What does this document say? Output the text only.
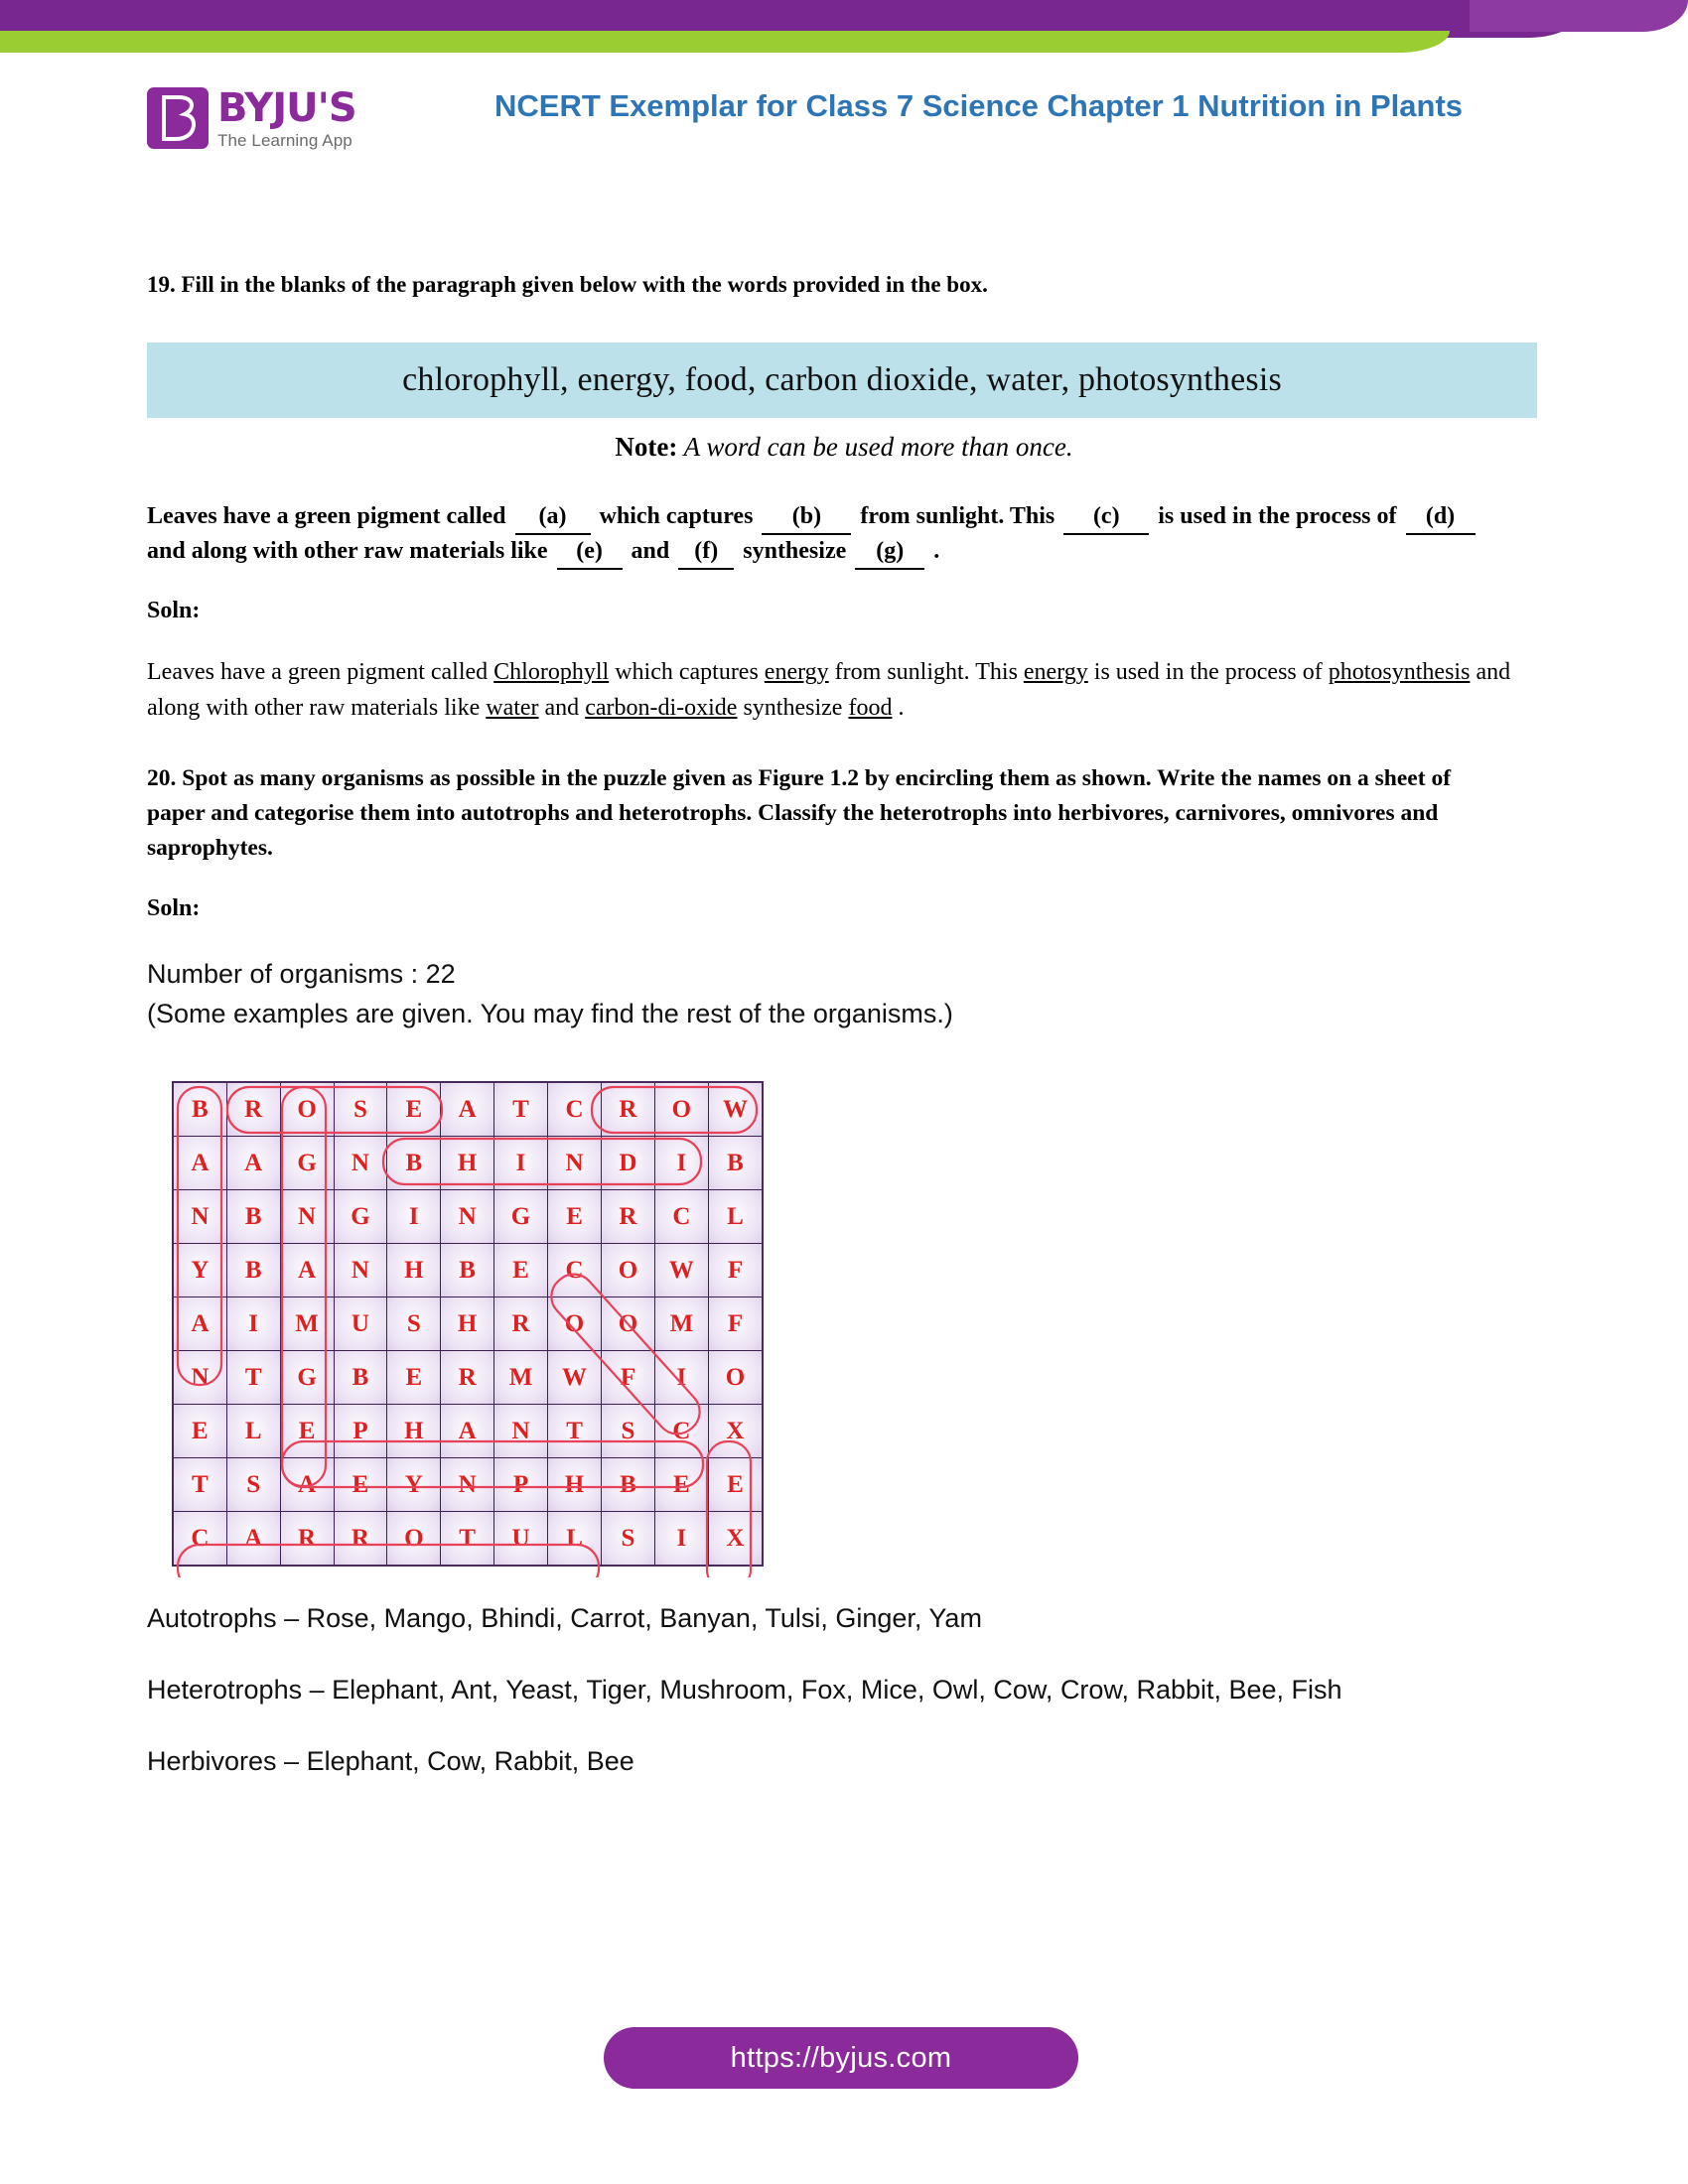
BYJU'S
The Learning App
NCERT Exemplar for Class 7 Science Chapter 1 Nutrition in Plants
19. Fill in the blanks of the paragraph given below with the words provided in the box.
chlorophyll, energy, food, carbon dioxide, water, photosynthesis
Note: A word can be used more than once.
Leaves have a green pigment called (a) which captures (b) from sunlight. This (c) is used in the process of (d) and along with other raw materials like (e) and (f) synthesize (g) .
Soln:
Leaves have a green pigment called Chlorophyll which captures energy from sunlight. This energy is used in the process of photosynthesis and along with other raw materials like water and carbon-di-oxide synthesize food .
20. Spot as many organisms as possible in the puzzle given as Figure 1.2 by encircling them as shown. Write the names on a sheet of paper and categorise them into autotrophs and heterotrophs. Classify the heterotrophs into herbivores, carnivores, omnivores and saprophytes.
Soln:
Number of organisms : 22
(Some examples are given. You may find the rest of the organisms.)
B	R	O	S	E	A	T	C	R	O	W
A	A	G	N	B	H	I	N	D	I	B
N	B	N	G	I	N	G	E	R	C	L
Y	B	A	N	H	B	E	C	O	W	F
A	I	M	U	S	H	R	O	O	M	F
N	T	G	B	E	R	M	W	F	I	O
E	L	E	P	H	A	N	T	S	C	X
T	S	A	E	Y	N	P	H	B	E	E
C	A	R	R	O	T	U	L	S	I	X
Autotrophs – Rose, Mango, Bhindi, Carrot, Banyan, Tulsi, Ginger, Yam
Heterotrophs – Elephant, Ant, Yeast, Tiger, Mushroom, Fox, Mice, Owl, Cow, Crow, Rabbit, Bee, Fish
Herbivores – Elephant, Cow, Rabbit, Bee
https://byjus.com
